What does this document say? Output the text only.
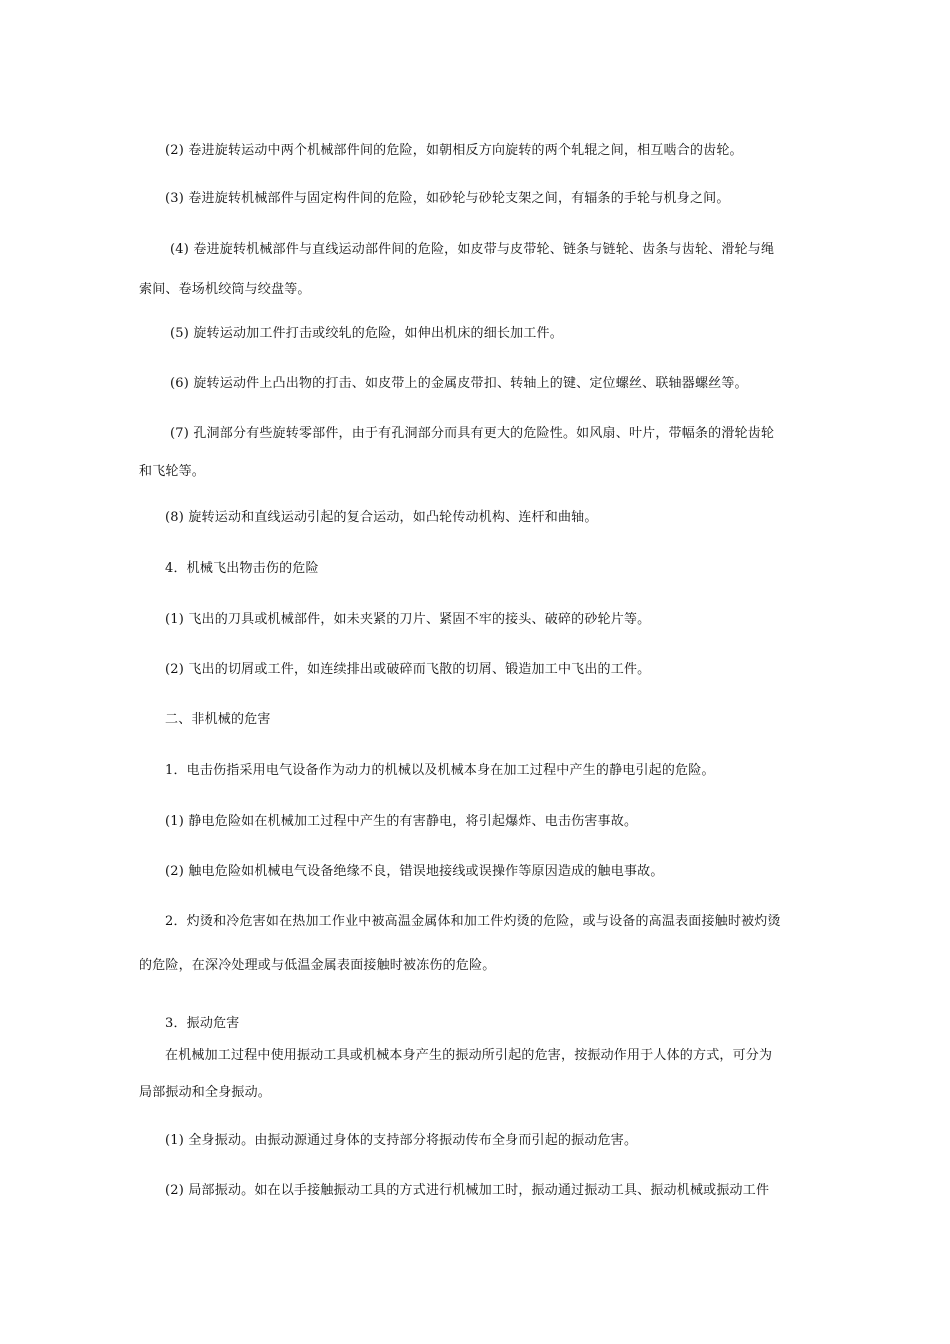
(2) 卷进旋转运动中两个机械部件间的危险，如朝相反方向旋转的两个轧辊之间，相互啮合的齿轮。
(3) 卷进旋转机械部件与固定构件间的危险，如砂轮与砂轮支架之间，有辐条的手轮与机身之间。
(4) 卷进旋转机械部件与直线运动部件间的危险，如皮带与皮带轮、链条与链轮、齿条与齿轮、滑轮与绳
索间、卷场机绞筒与绞盘等。
(5) 旋转运动加工件打击或绞轧的危险，如伸出机床的细长加工件。
(6) 旋转运动件上凸出物的打击、如皮带上的金属皮带扣、转轴上的键、定位螺丝、联轴器螺丝等。
(7) 孔洞部分有些旋转零部件，由于有孔洞部分而具有更大的危险性。如风扇、叶片，带幅条的滑轮齿轮
和飞轮等。
(8) 旋转运动和直线运动引起的复合运动，如凸轮传动机构、连杆和曲轴。
4．机械飞出物击伤的危险
(1) 飞出的刀具或机械部件，如未夹紧的刀片、紧固不牢的接头、破碎的砂轮片等。
(2) 飞出的切屑或工件，如连续排出或破碎而飞散的切屑、锻造加工中飞出的工件。
二、非机械的危害
1．电击伤指采用电气设备作为动力的机械以及机械本身在加工过程中产生的静电引起的危险。
(1) 静电危险如在机械加工过程中产生的有害静电，将引起爆炸、电击伤害事故。
(2) 触电危险如机械电气设备绝缘不良，错误地接线或误操作等原因造成的触电事故。
2．灼烫和冷危害如在热加工作业中被高温金属体和加工件灼烫的危险，或与设备的高温表面接触时被灼烫
的危险，在深冷处理或与低温金属表面接触时被冻伤的危险。
3．振动危害
在机械加工过程中使用振动工具或机械本身产生的振动所引起的危害，按振动作用于人体的方式，可分为
局部振动和全身振动。
(1) 全身振动。由振动源通过身体的支持部分将振动传布全身而引起的振动危害。
(2) 局部振动。如在以手接触振动工具的方式进行机械加工时，振动通过振动工具、振动机械或振动工件
